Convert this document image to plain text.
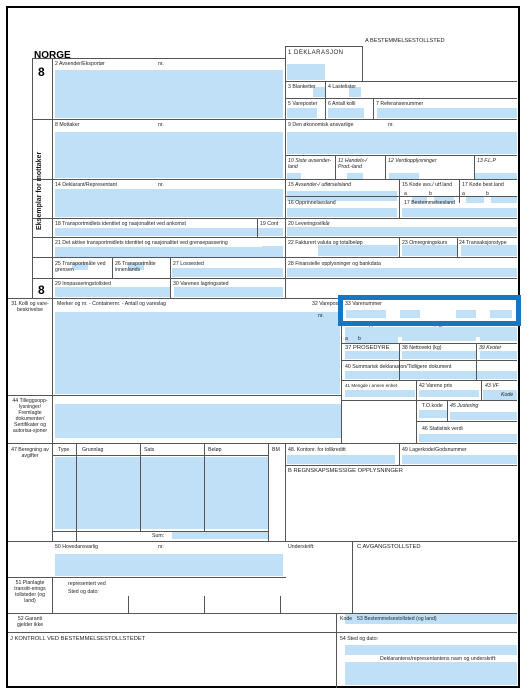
NORGE
8
8
Eksemplar for mottaker
A BESTEMMELSESTOLLSTED
1 DEKLARASJON
2 Avsender/Eksportør	nr.
3 Blanketter 4 Lastelister
5 Vareposter 6 Antall kolli	7 Referansenummer
8 Mottaker	nr.	9 Den økonomisk ansvarlige	nr.
10 Siste avsender-land
11 Handels-/ Prod.-land
12 Verdiopplysninger	13 F.L.P
14 Deklarant/Representant	nr.	15 Avsender-/ utførselsland	15 Kode avs./ utf.land 17 Kode best.land
a	b	a	b
16 Opprinnelsesland	17 Bestemmelsesland
18 Transportmidlets identitet og nasjonalitet ved ankomst	19 Cont 20 Leveringsvilkår
21 Det aktive transportmidlets identitet og nasjonalitet ved grensepassering	22 Fakturert valuta og totalbeløp	23 Omregningskurs 24 Transaksjonstype
25 Transportmåte ved grensen
26 Transportmåte innenlands
27 Lossested	28 Finansielle opplysninger og bankdata
29 Innpasseringstollsted	30 Varenes lagringssted
31 Kolli og vare-beskrivelse
Merker og nr. - Containernr. - Antall og vareslag	32 Varepost
nr.
33 Varenummer
34 Kode opp.land
a b
35 Bruttovekt (kg)	36 Preferanse
37 PROSEDYRE 38 Nettovekt (kg)	39 Kvoter
40 Summarisk deklarasjon/Tidligere dokument
41 Mengde i annen enhet	42 Varens pris	43 VF
Kode
44 Tilleggsopp-lysninger/ Fremlagte dokumenter/ Sertifikater og autorisa-sjoner
T.O.kode 45 Justering
46 Statistisk verdi
47 Beregning av avgifter
Type Grunnlag	Sats	Beløp	BM 48. Kontonr. for tollkreditt	49 Lagerkode/Godsnummer
B REGNSKAPSMESSIGE OPPLYSNINGER
Sum:
50 Hovedansvarlig	nr.	Underskrift:	C AVGANGSTOLLSTED
representert ved
Sted og dato:
51 Planlagte transitt-erings tollsteder (og land)
52 Garanti gjelder ikke
Kode 53 Bestemmelsestollsted (og land)
J KONTROLL VED BESTEMMELSESTOLLSTEDET	54 Sted og dato:
Deklarantens/representantens navn og underskrift:
